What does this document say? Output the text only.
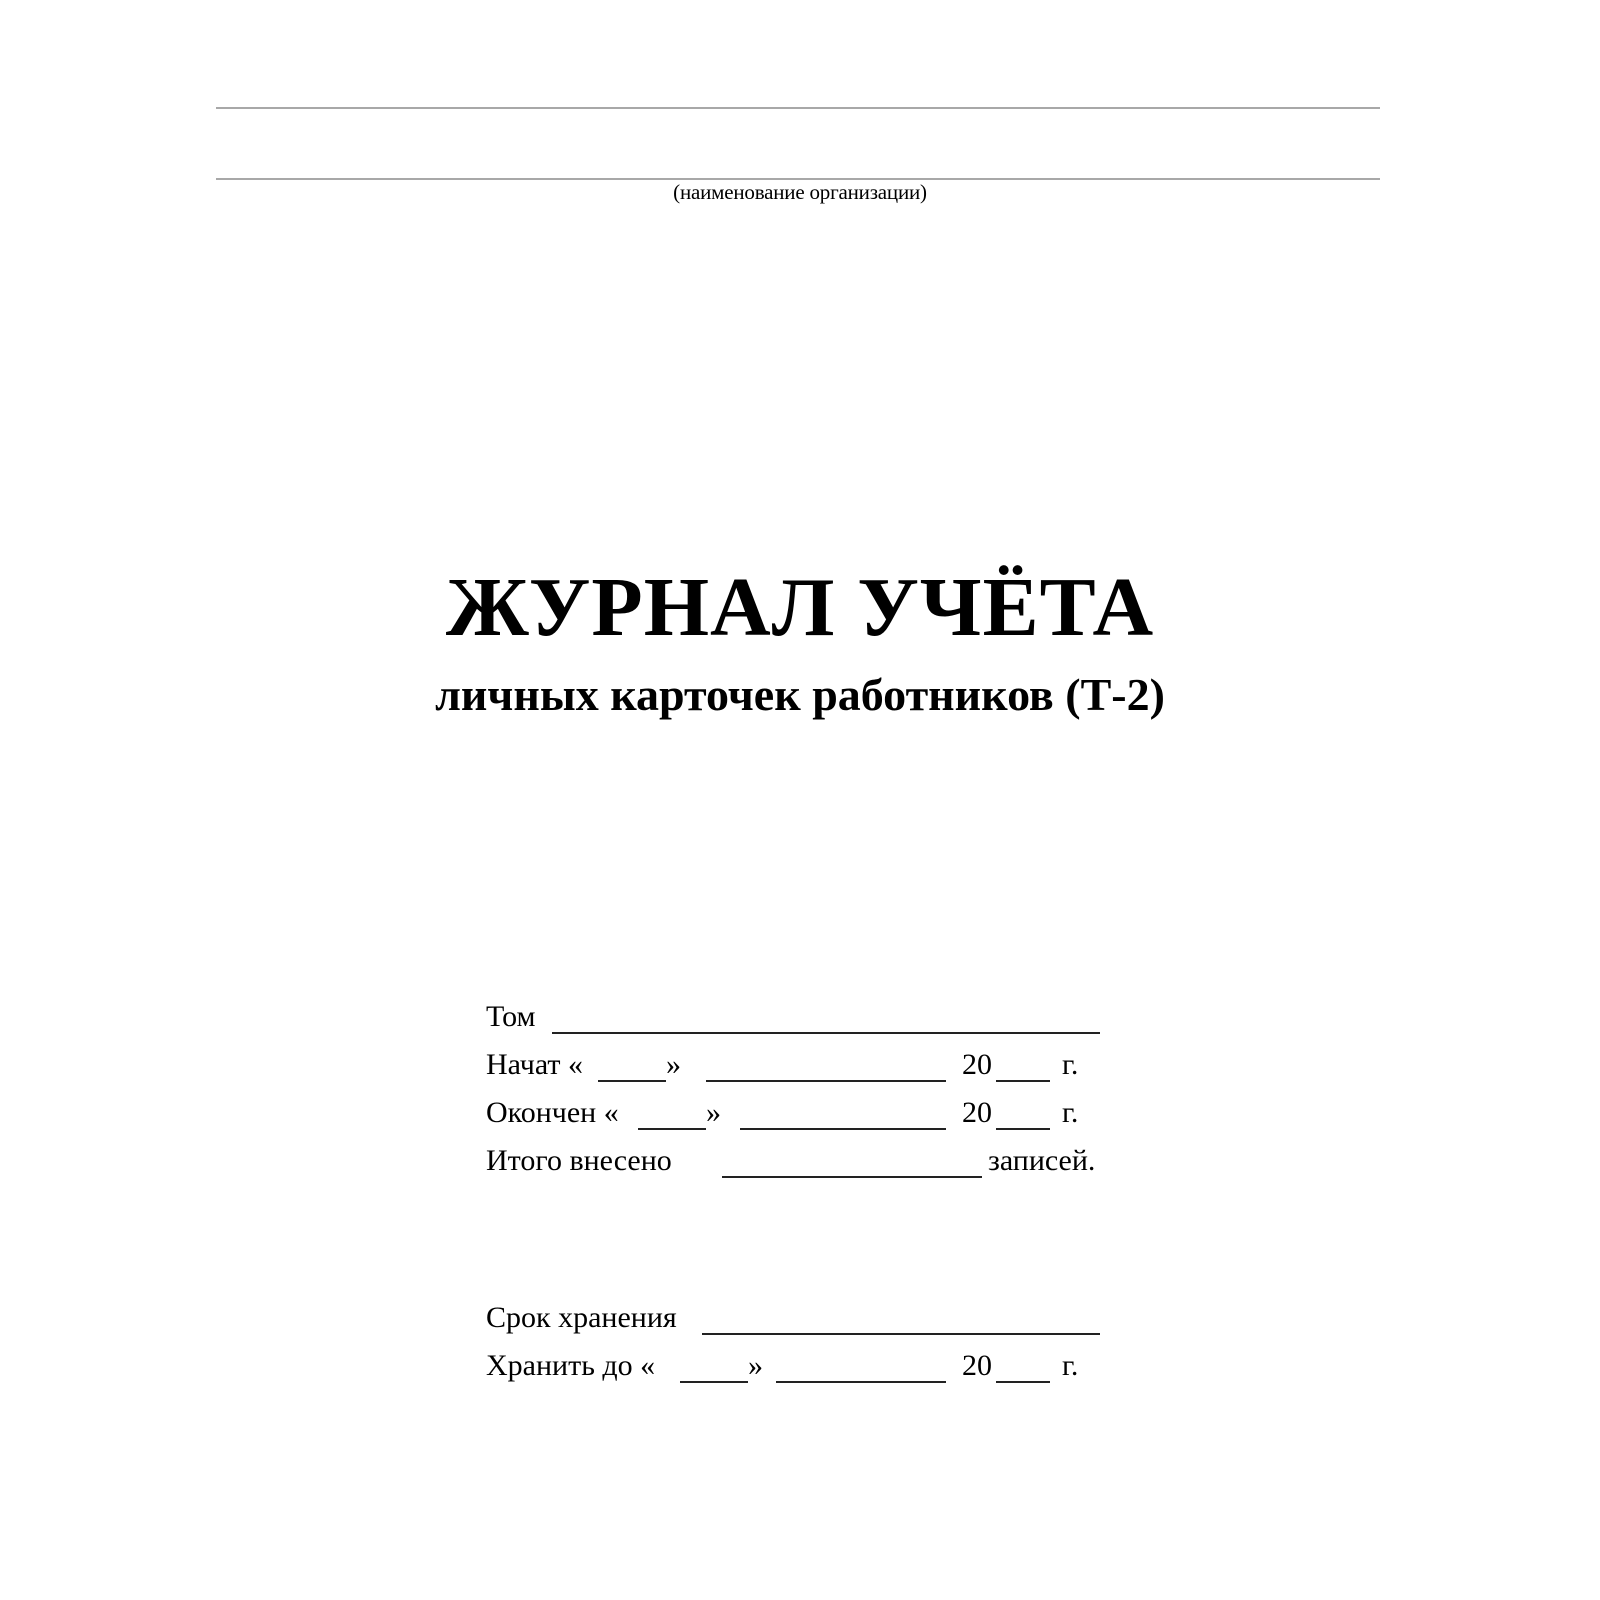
(наименование организации)
ЖУРНАЛ УЧЁТА
личных карточек работников (Т-2)
Том
Начат «	»	20 г.
Окончен «	»	20 г.
Итого внесено	записей.
Срок хранения
Хранить до «	»	20 г.
